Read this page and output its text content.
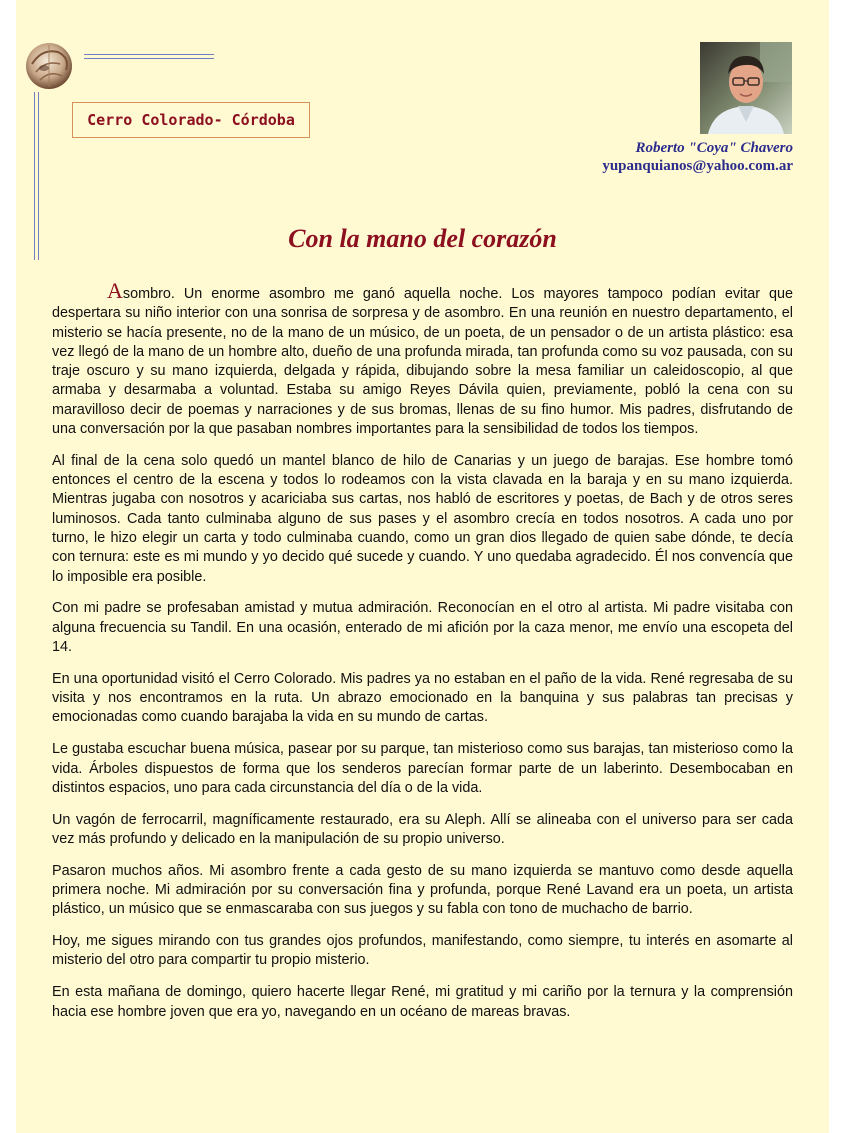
Cerro Colorado- Córdoba
Roberto "Coya" Chavero
yupanquianos@yahoo.com.ar
Con la mano del corazón

Asombro. Un enorme asombro me ganó aquella noche. Los mayores tampoco podían evitar que despertara su niño interior con una sonrisa de sorpresa y de asombro. En una reunión en nuestro departamento, el misterio se hacía presente, no de la mano de un músico, de un poeta, de un pensador o de un artista plástico: esa vez llegó de la mano de un hombre alto, dueño de una profunda mirada, tan profunda como su voz pausada, con su traje oscuro y su mano izquierda, delgada y rápida, dibujando sobre la mesa familiar un caleidoscopio, al que armaba y desarmaba a voluntad. Estaba su amigo Reyes Dávila quien, previamente, pobló la cena con su maravilloso decir de poemas y narraciones y de sus bromas, llenas de su fino humor. Mis padres, disfrutando de una conversación por la que pasaban nombres importantes para la sensibilidad de todos los tiempos.

Al final de la cena solo quedó un mantel blanco de hilo de Canarias y un juego de barajas. Ese hombre tomó entonces el centro de la escena y todos lo rodeamos con la vista clavada en la baraja y en su mano izquierda. Mientras jugaba con nosotros y acariciaba sus cartas, nos habló de escritores y poetas, de Bach y de otros seres luminosos. Cada tanto culminaba alguno de sus pases y el asombro crecía en todos nosotros. A cada uno por turno, le hizo elegir un carta y todo culminaba cuando, como un gran dios llegado de quien sabe dónde, te decía con ternura: este es mi mundo y yo decido qué sucede y cuando. Y uno quedaba agradecido. Él nos convencía que lo imposible era posible.

Con mi padre se profesaban amistad y mutua admiración. Reconocían en el otro al artista. Mi padre visitaba con alguna frecuencia su Tandil. En una ocasión, enterado de mi afición por la caza menor, me envío una escopeta del 14.

En una oportunidad visitó el Cerro Colorado. Mis padres ya no estaban en el paño de la vida. René regresaba de su visita y nos encontramos en la ruta. Un abrazo emocionado en la banquina y sus palabras tan precisas y emocionadas como cuando barajaba la vida en su mundo de cartas.

Le gustaba escuchar buena música, pasear por su parque, tan misterioso como sus barajas, tan misterioso como la vida. Árboles dispuestos de forma que los senderos parecían formar parte de un laberinto. Desembocaban en distintos espacios, uno para cada circunstancia del día o de la vida.

Un vagón de ferrocarril, magníficamente restaurado, era su Aleph. Allí se alineaba con el universo para ser cada vez más profundo y delicado en la manipulación de su propio universo.

Pasaron muchos años. Mi asombro frente a cada gesto de su mano izquierda se mantuvo como desde aquella primera noche. Mi admiración por su conversación fina y profunda, porque René Lavand era un poeta, un artista plástico, un músico que se enmascaraba con sus juegos y su fabla con tono de muchacho de barrio.

Hoy, me sigues mirando con tus grandes ojos profundos, manifestando, como siempre, tu interés en asomarte al misterio del otro para compartir tu propio misterio.

En esta mañana de domingo, quiero hacerte llegar René, mi gratitud y mi cariño por la ternura y la comprensión hacia ese hombre joven que era yo, navegando en un océano de mareas bravas.
